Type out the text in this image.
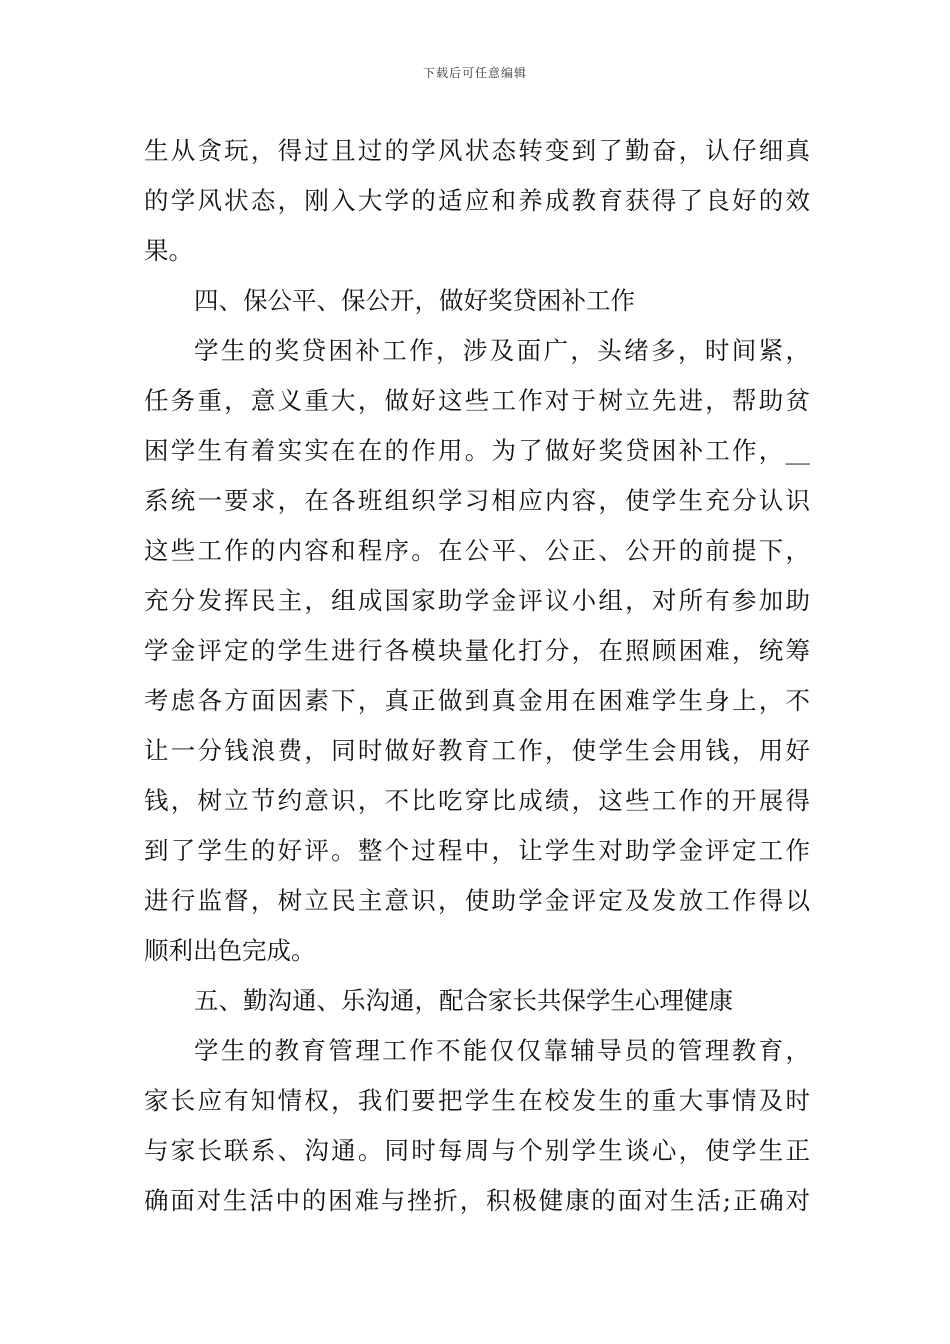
下载后可任意编辑
生从贪玩，得过且过的学风状态转变到了勤奋，认仔细真
的学风状态，刚入大学的适应和养成教育获得了良好的效
果。
四、保公平、保公开，做好奖贷困补工作
学生的奖贷困补工作，涉及面广，头绪多，时间紧，
任务重，意义重大，做好这些工作对于树立先进，帮助贫
困学生有着实实在在的作用。为了做好奖贷困补工作，__
系统一要求，在各班组织学习相应内容，使学生充分认识
这些工作的内容和程序。在公平、公正、公开的前提下，
充分发挥民主，组成国家助学金评议小组，对所有参加助
学金评定的学生进行各模块量化打分，在照顾困难，统筹
考虑各方面因素下，真正做到真金用在困难学生身上，不
让一分钱浪费，同时做好教育工作，使学生会用钱，用好
钱，树立节约意识，不比吃穿比成绩，这些工作的开展得
到了学生的好评。整个过程中，让学生对助学金评定工作
进行监督，树立民主意识，使助学金评定及发放工作得以
顺利出色完成。
五、勤沟通、乐沟通，配合家长共保学生心理健康
学生的教育管理工作不能仅仅靠辅导员的管理教育，
家长应有知情权，我们要把学生在校发生的重大事情及时
与家长联系、沟通。同时每周与个别学生谈心，使学生正
确面对生活中的困难与挫折，积极健康的面对生活;正确对
